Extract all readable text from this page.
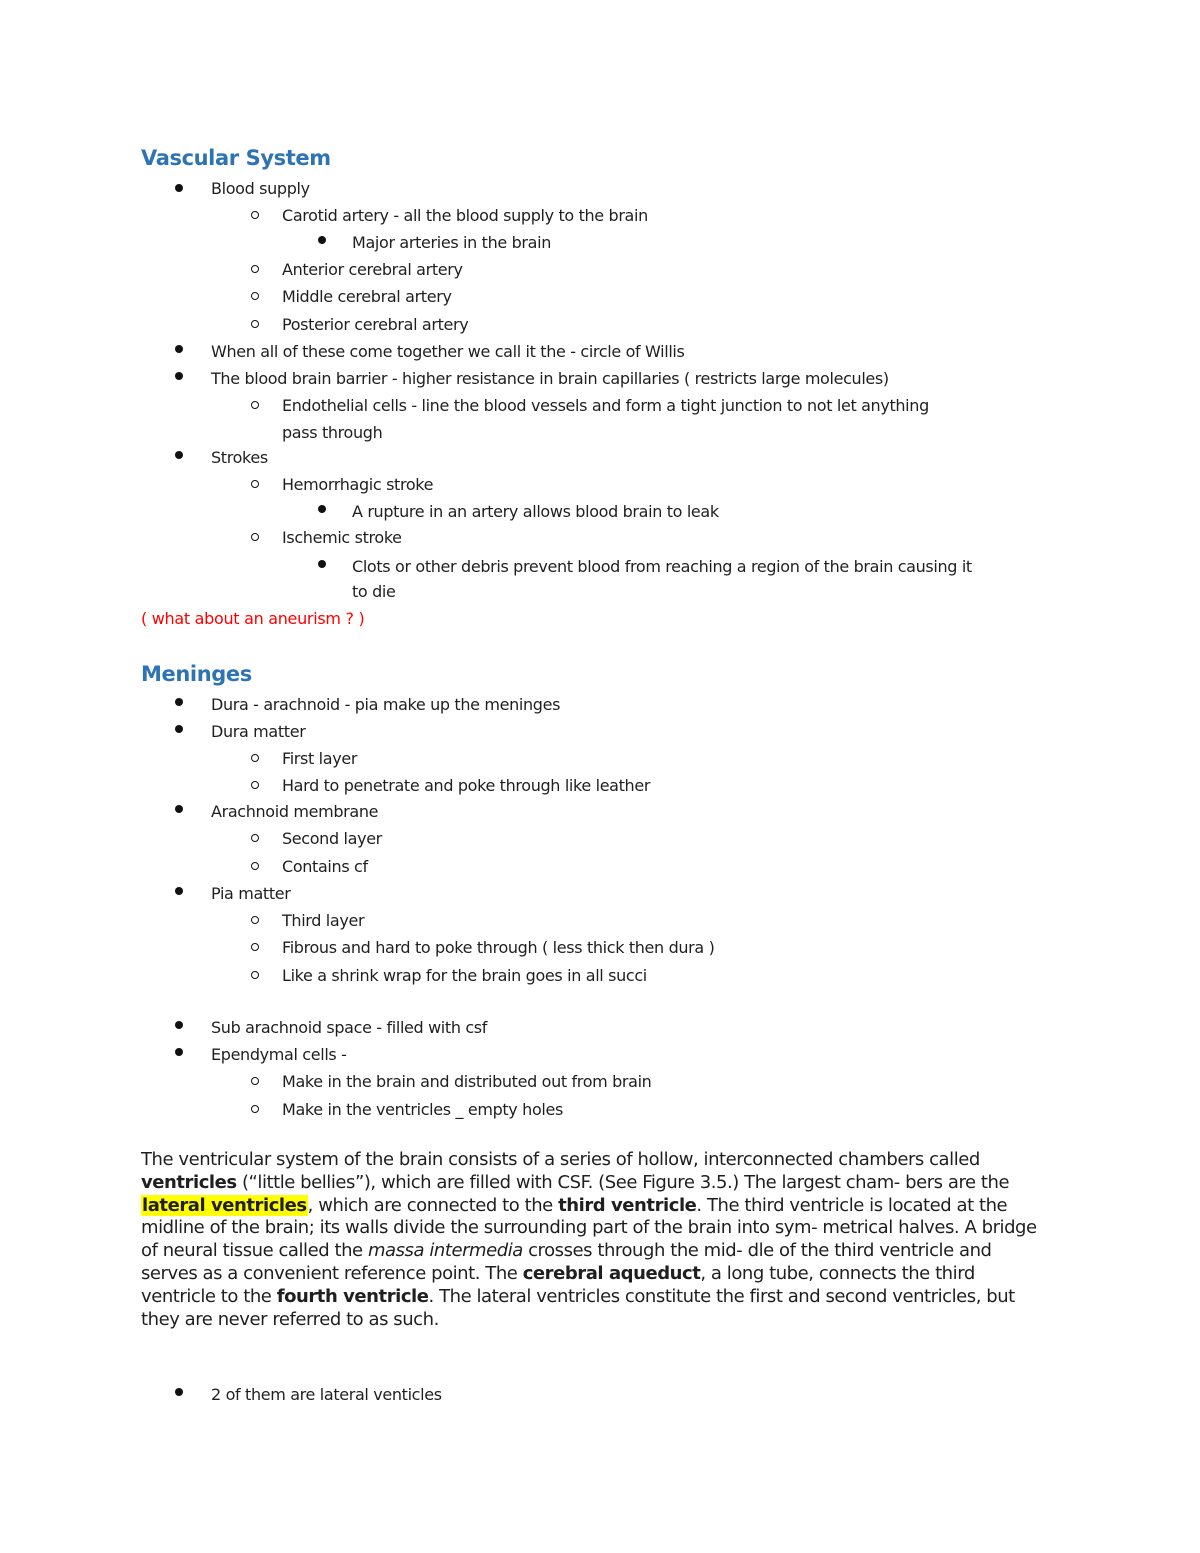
Vascular System
Blood supply
Carotid artery - all the blood supply to the brain
Major arteries in the brain
Anterior cerebral artery
Middle cerebral artery
Posterior cerebral artery
When all of these come together we call it the - circle of Willis
The blood brain barrier - higher resistance in brain capillaries ( restricts large molecules)
Endothelial cells - line the blood vessels and form a tight junction to not let anything
pass through
Strokes
Hemorrhagic stroke
A rupture in an artery allows blood brain to leak
Ischemic stroke
Clots or other debris prevent blood from reaching a region of the brain causing it
to die
( what about an aneurism ? )
Meninges
Dura - arachnoid - pia make up the meninges
Dura matter
First layer
Hard to penetrate and poke through like leather
Arachnoid membrane
Second layer
Contains cf
Pia matter
Third layer
Fibrous and hard to poke through ( less thick then dura )
Like a shrink wrap for the brain goes in all succi
Sub arachnoid space - filled with csf
Ependymal cells -
Make in the brain and distributed out from brain
Make in the ventricles _ empty holes

The ventricular system of the brain consists of a series of hollow, interconnected chambers called ventricles (“little bellies”), which are filled with CSF. (See Figure 3.5.) The largest cham- bers are the lateral ventricles, which are connected to the third ventricle. The third ventricle is located at the midline of the brain; its walls divide the surrounding part of the brain into sym- metrical halves. A bridge of neural tissue called the massa intermedia crosses through the mid- dle of the third ventricle and serves as a convenient reference point. The cerebral aqueduct, a long tube, connects the third ventricle to the fourth ventricle. The lateral ventricles constitute the first and second ventricles, but they are never referred to as such.

2 of them are lateral venticles
